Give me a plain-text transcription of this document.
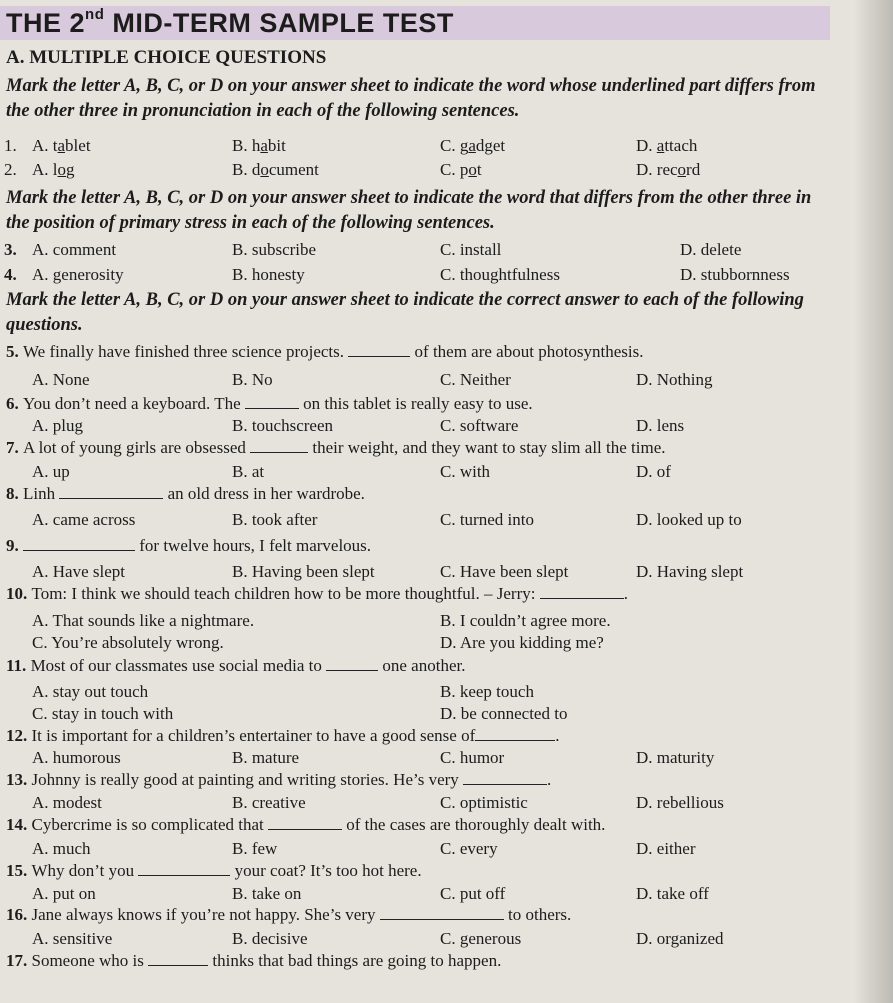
THE 2nd MID-TERM SAMPLE TEST
A. MULTIPLE CHOICE QUESTIONS
Mark the letter A, B, C, or D on your answer sheet to indicate the word whose underlined part differs from the other three in pronunciation in each of the following sentences.
1. A. tablet	B. habit	C. gadget	D. attach
2. A. log	B. document	C. pot	D. record
Mark the letter A, B, C, or D on your answer sheet to indicate the word that differs from the other three in the position of primary stress in each of the following sentences.
3. A. comment	B. subscribe	C. install	D. delete
4. A. generosity	B. honesty	C. thoughtfulness	D. stubbornness
Mark the letter A, B, C, or D on your answer sheet to indicate the correct answer to each of the following questions.
5. We finally have finished three science projects.	of them are about photosynthesis.
A. None	B. No	C. Neither	D. Nothing
6. You don’t need a keyboard. The	on this tablet is really easy to use.
A. plug	B. touchscreen	C. software	D. lens
7. A lot of young girls are obsessed	their weight, and they want to stay slim all the time.
A. up	B. at	C. with	D. of
8. Linh	an old dress in her wardrobe.
A. came across	B. took after	C. turned into	D. looked up to
9.	for twelve hours, I felt marvelous.
A. Have slept	B. Having been slept	C. Have been slept	D. Having slept
10. Tom: I think we should teach children how to be more thoughtful. – Jerry:	.
A. That sounds like a nightmare.	B. I couldn’t agree more.
C. You’re absolutely wrong.	D. Are you kidding me?
11. Most of our classmates use social media to	one another.
A. stay out touch	B. keep touch
C. stay in touch with	D. be connected to
12. It is important for a children’s entertainer to have a good sense of	.
A. humorous	B. mature	C. humor	D. maturity
13. Johnny is really good at painting and writing stories. He’s very	.
A. modest	B. creative	C. optimistic	D. rebellious
14. Cybercrime is so complicated that	of the cases are thoroughly dealt with.
A. much	B. few	C. every	D. either
15. Why don’t you	your coat? It’s too hot here.
A. put on	B. take on	C. put off	D. take off
16. Jane always knows if you’re not happy. She’s very	to others.
A. sensitive	B. decisive	C. generous	D. organized
17. Someone who is	thinks that bad things are going to happen.
